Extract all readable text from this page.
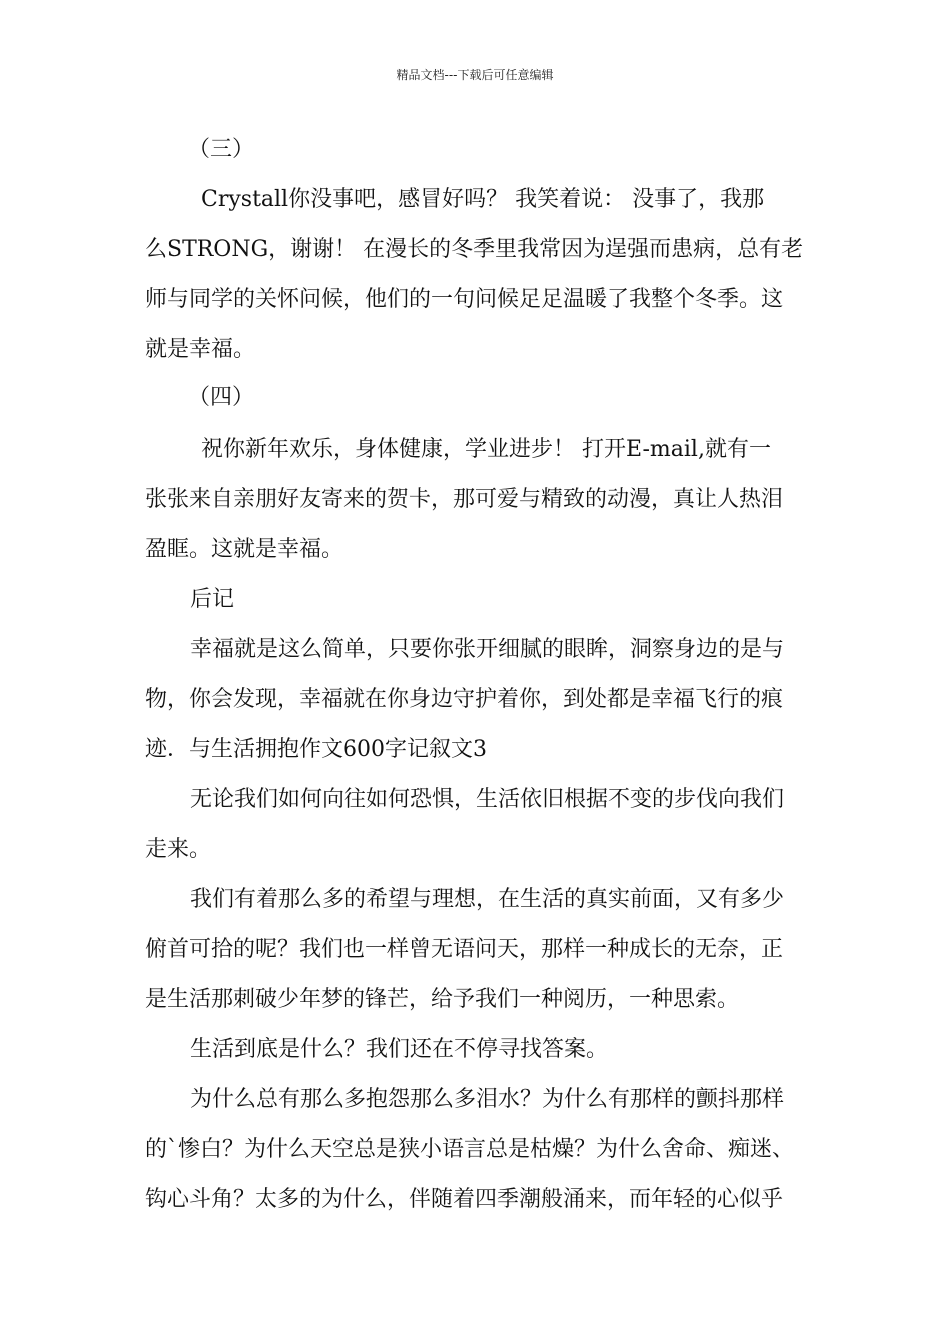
精品文档---下载后可任意编辑
（三）
Crystall你没事吧，感冒好吗？ 我笑着说： 没事了，我那
么STRONG，谢谢！ 在漫长的冬季里我常因为逞强而患病，总有老
师与同学的关怀问候，他们的一句问候足足温暖了我整个冬季。这
就是幸福。
（四）
祝你新年欢乐，身体健康，学业进步！ 打开E-mail,就有一
张张来自亲朋好友寄来的贺卡，那可爱与精致的动漫，真让人热泪
盈眶。这就是幸福。
后记
幸福就是这么简单，只要你张开细腻的眼眸，洞察身边的是与
物，你会发现，幸福就在你身边守护着你，到处都是幸福飞行的痕
迹．与生活拥抱作文600字记叙文3
无论我们如何向往如何恐惧，生活依旧根据不变的步伐向我们
走来。
我们有着那么多的希望与理想，在生活的真实前面，又有多少
俯首可拾的呢？我们也一样曾无语问天，那样一种成长的无奈，正
是生活那刺破少年梦的锋芒，给予我们一种阅历，一种思索。
生活到底是什么？我们还在不停寻找答案。
为什么总有那么多抱怨那么多泪水？为什么有那样的颤抖那样
的`惨白？为什么天空总是狭小语言总是枯燥？为什么舍命、痴迷、
钩心斗角？太多的为什么，伴随着四季潮般涌来，而年轻的心似乎
